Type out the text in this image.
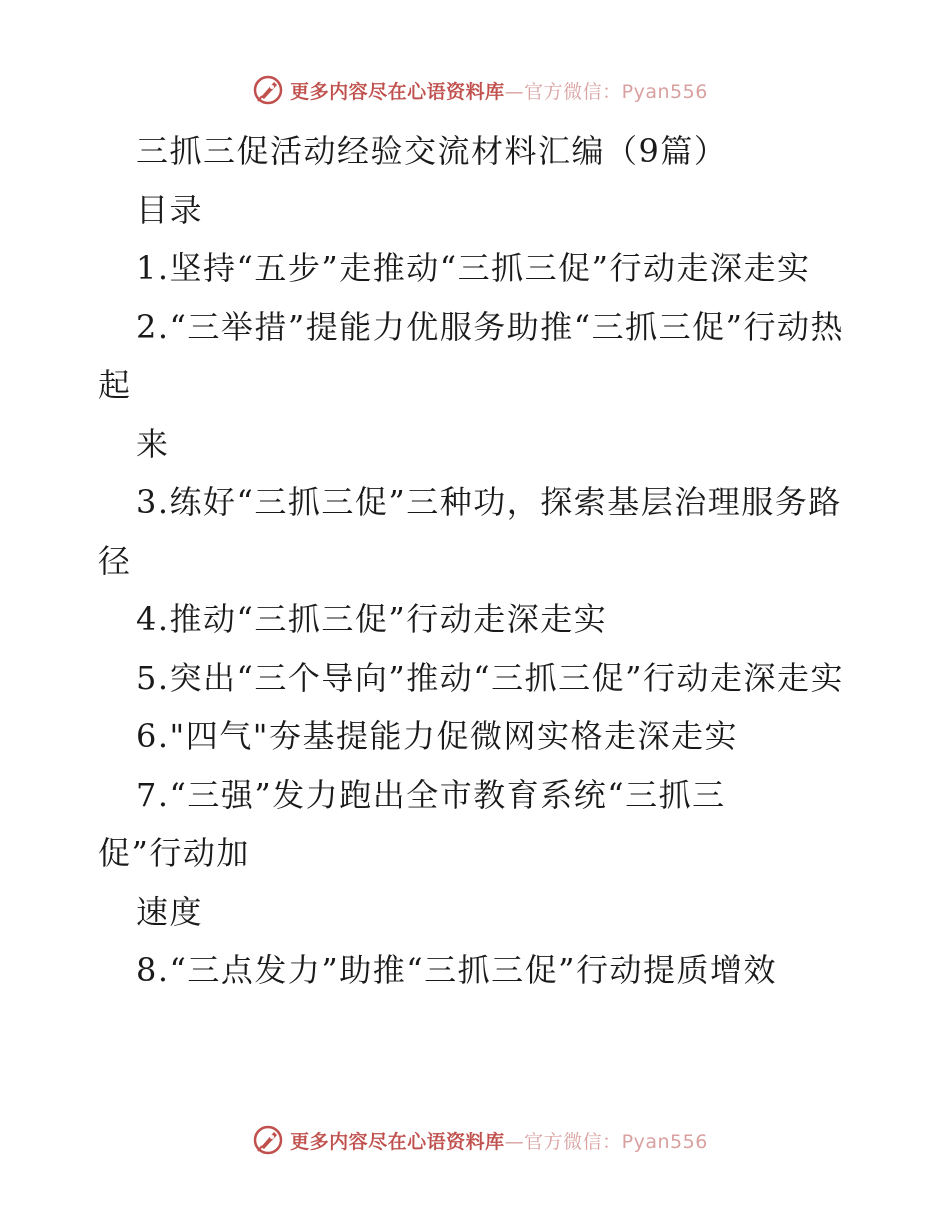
更多内容尽在心语资料库—官方微信：Pyan556

三抓三促活动经验交流材料汇编（9篇）

目录

1.坚持“五步”走推动“三抓三促”行动走深走实

2.“三举措”提能力优服务助推“三抓三促”行动热起

来

3.练好“三抓三促”三种功，探索基层治理服务路径

4.推动“三抓三促”行动走深走实

5.突出“三个导向”推动“三抓三促”行动走深走实

6."四气"夯基提能力促微网实格走深走实

7.“三强”发力跑出全市教育系统“三抓三

促”行动加

速度

8.“三点发力”助推“三抓三促”行动提质增效

更多内容尽在心语资料库—官方微信：Pyan556
